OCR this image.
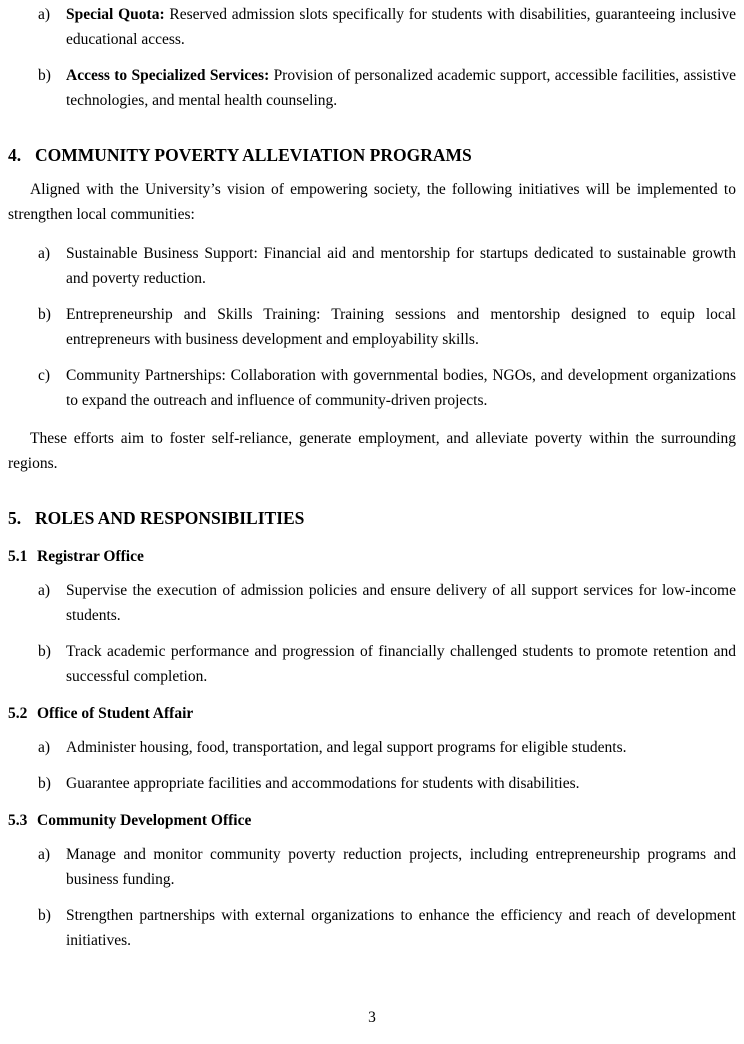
a) Special Quota: Reserved admission slots specifically for students with disabilities, guaranteeing inclusive educational access.
b) Access to Specialized Services: Provision of personalized academic support, accessible facilities, assistive technologies, and mental health counseling.
4. COMMUNITY POVERTY ALLEVIATION PROGRAMS

Aligned with the University’s vision of empowering society, the following initiatives will be implemented to strengthen local communities:

a) Sustainable Business Support: Financial aid and mentorship for startups dedicated to sustainable growth and poverty reduction.
b) Entrepreneurship and Skills Training: Training sessions and mentorship designed to equip local entrepreneurs with business development and employability skills.
c) Community Partnerships: Collaboration with governmental bodies, NGOs, and development organizations to expand the outreach and influence of community-driven projects.

These efforts aim to foster self-reliance, generate employment, and alleviate poverty within the surrounding regions.

5. ROLES AND RESPONSIBILITIES
5.1 Registrar Office
a) Supervise the execution of admission policies and ensure delivery of all support services for low-income students.
b) Track academic performance and progression of financially challenged students to promote retention and successful completion.
5.2 Office of Student Affair
a) Administer housing, food, transportation, and legal support programs for eligible students.
b) Guarantee appropriate facilities and accommodations for students with disabilities.
5.3 Community Development Office
a) Manage and monitor community poverty reduction projects, including entrepreneurship programs and business funding.
b) Strengthen partnerships with external organizations to enhance the efficiency and reach of development initiatives.
3
